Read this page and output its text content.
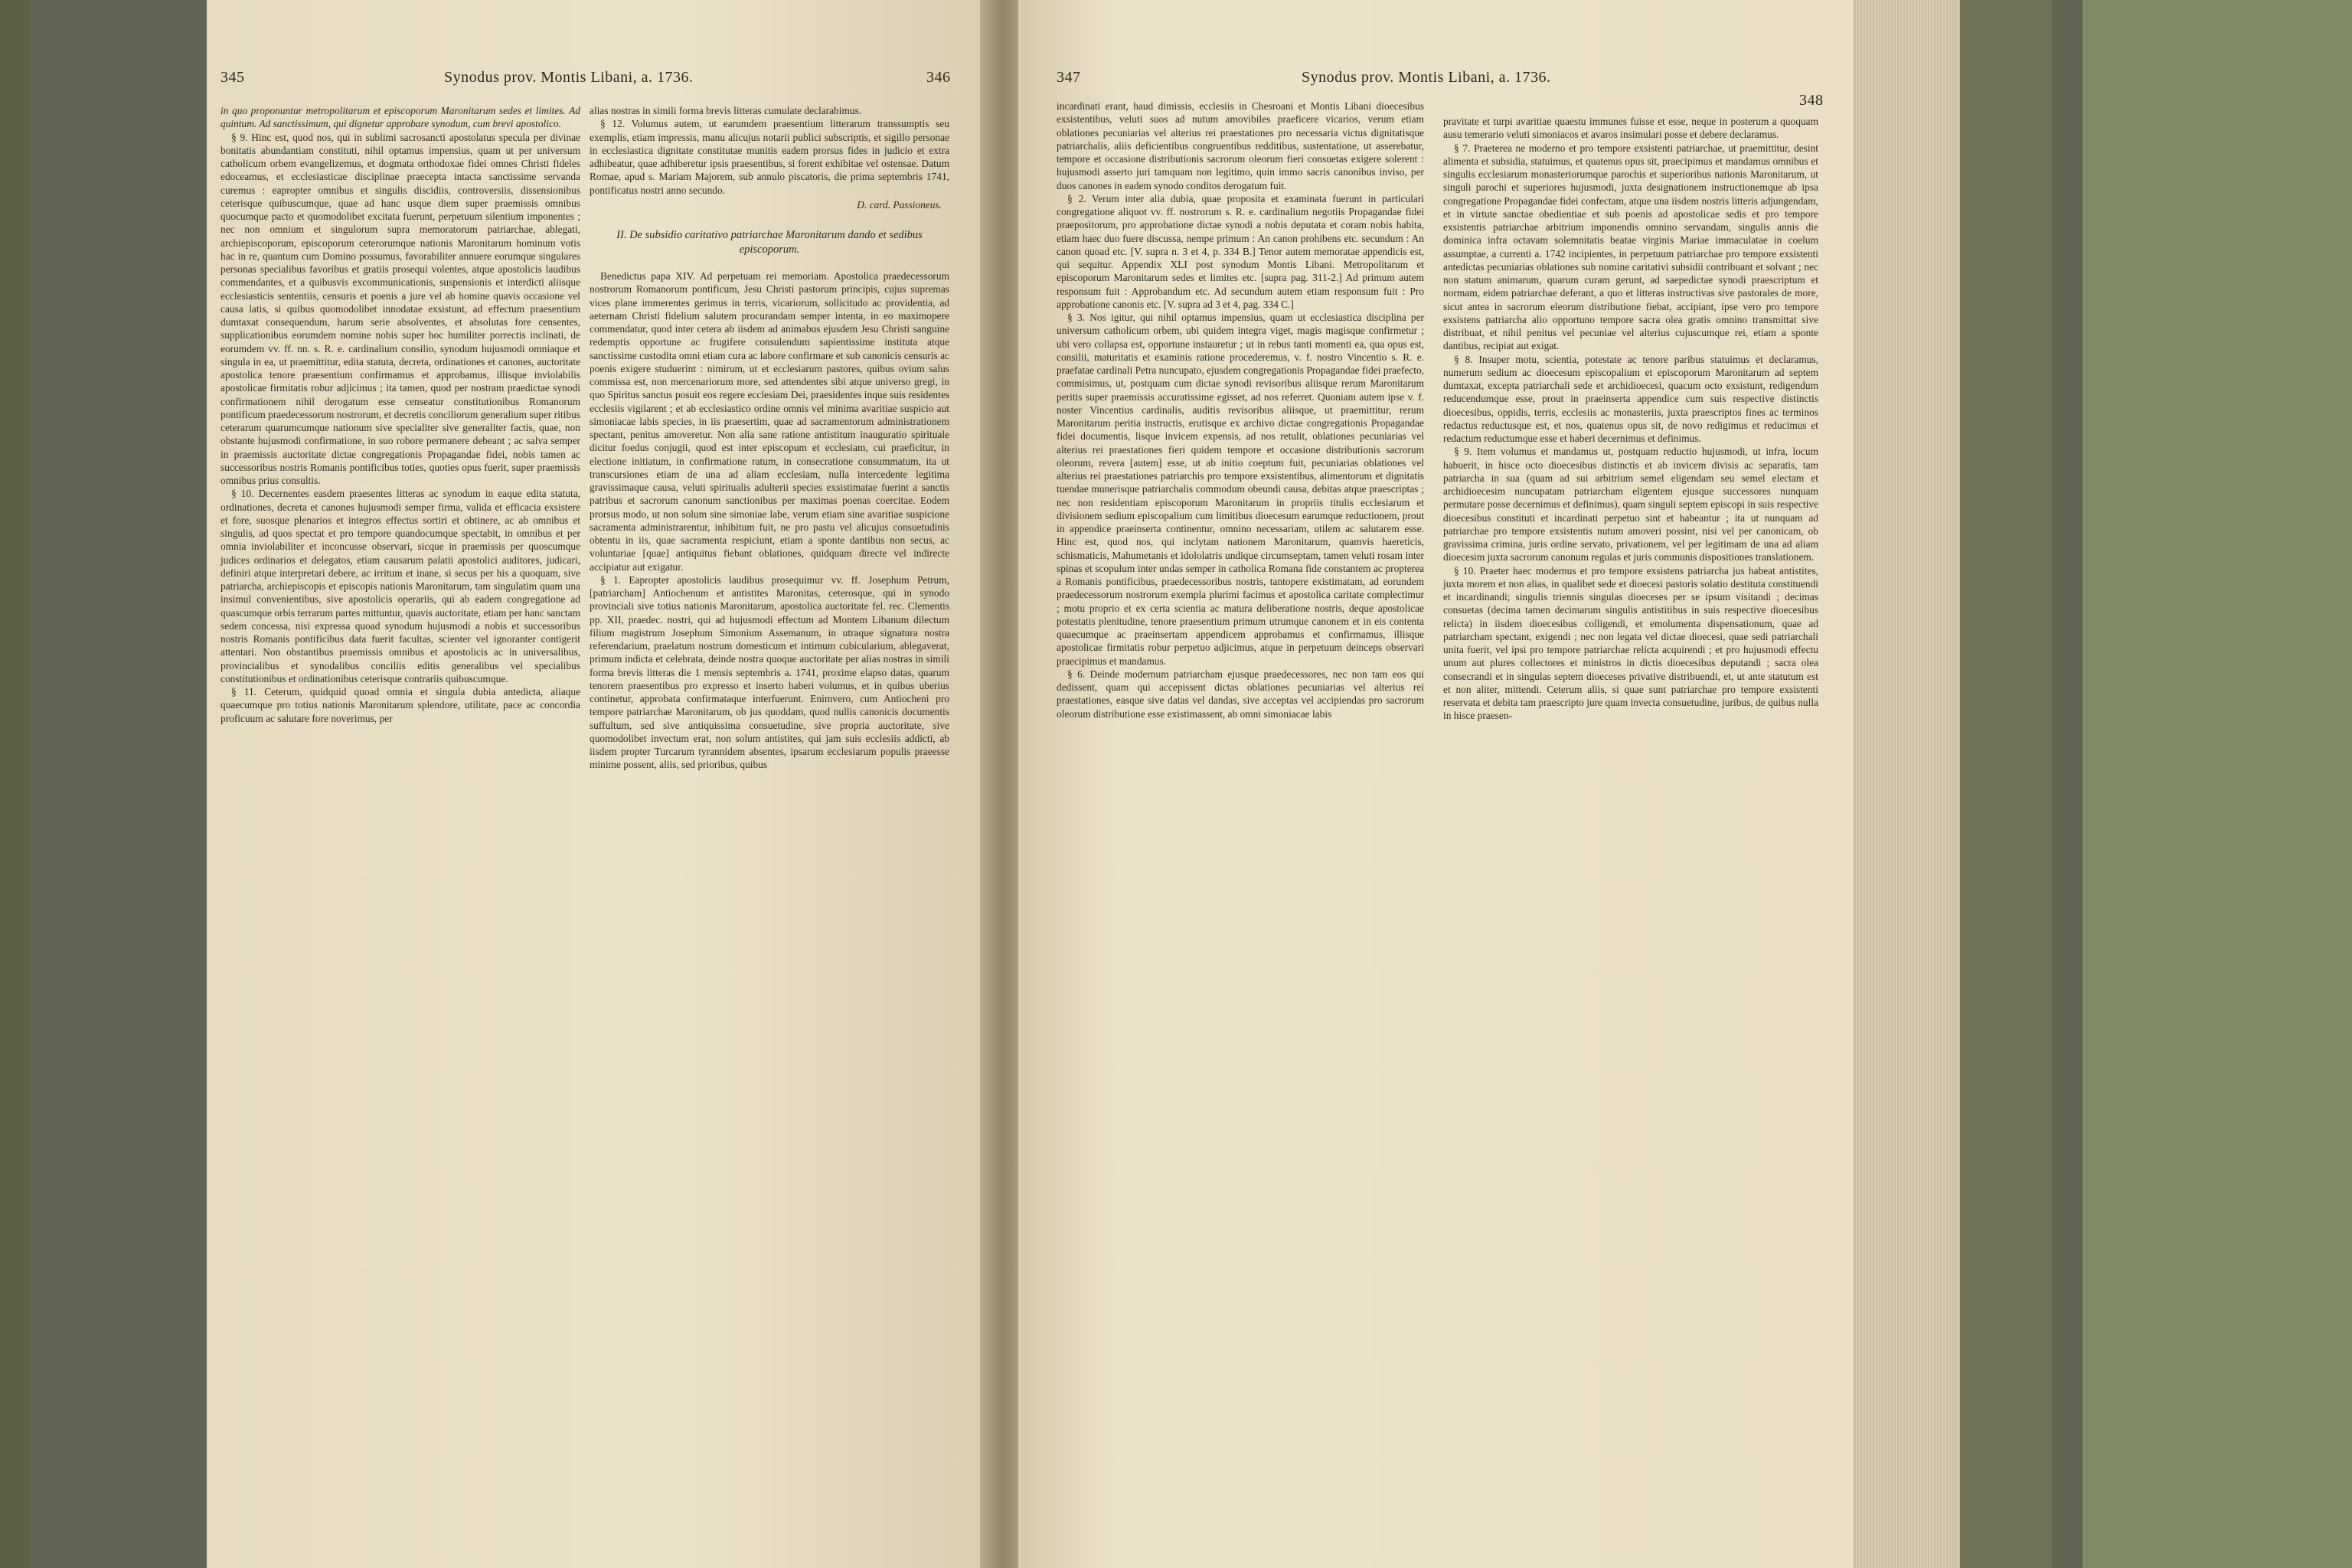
345	Synodus prov. Montis Libani, a. 1736.	346

in quo proponuntur metropolitarum et episcoporum Maronitarum sedes et limites. Ad quintum. Ad sanctissimum, qui dignetur approbare synodum, cum brevi apostolico.

§ 9. Hinc est, quod nos, qui in sublimi sacrosancti apostolatus specula per divinae bonitatis abundantiam constituti, nihil optamus impensius, quam ut per universum catholicum orbem evangelizemus, et dogmata orthodoxae fidei omnes Christi fideles edoceamus, et ecclesiasticae disciplinae praecepta intacta sanctissime servanda curemus : eapropter omnibus et singulis discidiis, controversiis, dissensionibus ceterisque quibuscumque, quae ad hanc usque diem super praemissis omnibus quocumque pacto et quomodolibet excitata fuerunt, perpetuum silentium imponentes ; nec non omnium et singulorum supra memoratorum patriarchae, ablegati, archiepiscoporum, episcoporum ceterorumque nationis Maronitarum hominum votis hac in re, quantum cum Domino possumus, favorabiliter annuere eorumque singulares personas specialibus favoribus et gratiis prosequi volentes, atque apostolicis laudibus commendantes, et a quibusvis excommunicationis, suspensionis et interdicti aliisque ecclesiasticis sententiis, censuris et poenis a jure vel ab homine quavis occasione vel causa latis, si quibus quomodolibet innodatae exsistunt, ad effectum praesentium dumtaxat consequendum, harum serie absolventes, et absolutas fore censentes, supplicationibus eorumdem nomine nobis super hoc humiliter porrectis inclinati, de eorumdem vv. ff. nn. s. R. e. cardinalium consilio, synodum hujusmodi omniaque et singula in ea, ut praemittitur, edita statuta, decreta, ordinationes et canones, auctoritate apostolica tenore praesentium confirmamus et approbamus, illisque inviolabilis apostolicae firmitatis robur adjicimus ; ita tamen, quod per nostram praedictae synodi confirmationem nihil derogatum esse censeatur constitutionibus Romanorum pontificum praedecessorum nostrorum, et decretis conciliorum generalium super ritibus ceterarum quarumcumque nationum sive specialiter sive generaliter factis, quae, non obstante hujusmodi confirmatione, in suo robore permanere debeant ; ac salva semper in praemissis auctoritate dictae congregationis Propagandae fidei, nobis tamen ac successoribus nostris Romanis pontificibus toties, quoties opus fuerit, super praemissis omnibus prius consultis.

§ 10. Decernentes easdem praesentes litteras ac synodum in eaque edita statuta, ordinationes, decreta et canones hujusmodi semper firma, valida et efficacia exsistere et fore, suosque plenarios et integros effectus sortiri et obtinere, ac ab omnibus et singulis, ad quos spectat et pro tempore quandocumque spectabit, in omnibus et per omnia inviolabiliter et inconcusse observari, sicque in praemissis per quoscumque judices ordinarios et delegatos, etiam causarum palatii apostolici auditores, judicari, definiri atque interpretari debere, ac irritum et inane, si secus per his a quoquam, sive patriarcha, archiepiscopis et episcopis nationis Maronitarum, tam singulatim quam una insimul convenientibus, sive apostolicis operariis, qui ab eadem congregatione ad quascumque orbis terrarum partes mittuntur, quavis auctoritate, etiam per hanc sanctam sedem concessa, nisi expressa quoad synodum hujusmodi a nobis et successoribus nostris Romanis pontificibus data fuerit facultas, scienter vel ignoranter contigerit attentari. Non obstantibus praemissis omnibus et apostolicis ac in universalibus, provincialibus et synodalibus conciliis editis generalibus vel specialibus constitutionibus et ordinationibus ceterisque contrariis quibuscumque.

§ 11. Ceterum, quidquid quoad omnia et singula dubia antedicta, aliaque quaecumque pro totius nationis Maronitarum splendore, utilitate, pace ac concordia proficuum ac salutare fore noverimus, per

alias nostras in simili forma brevis litteras cumulate declarabimus.

§ 12. Volumus autem, ut earumdem praesentium litterarum transsumptis seu exemplis, etiam impressis, manu alicujus notarii publici subscriptis, et sigillo personae in ecclesiastica dignitate constitutae munitis eadem prorsus fides in judicio et extra adhibeatur, quae adhiberetur ipsis praesentibus, si forent exhibitae vel ostensae. Datum Romae, apud s. Mariam Majorem, sub annulo piscatoris, die prima septembris 1741, pontificatus nostri anno secundo.

D. card. Passioneus.

II. De subsidio caritativo patriarchae Maronitarum dando et sedibus episcoporum.

Benedictus papa XIV. Ad perpetuam rei memoriam. Apostolica praedecessorum nostrorum Romanorum pontificum, Jesu Christi pastorum principis, cujus supremas vices plane immerentes gerimus in terris, vicariorum, sollicitudo ac providentia, ad aeternam Christi fidelium salutem procurandam semper intenta, in eo maximopere commendatur, quod inter cetera ab iisdem ad animabus ejusdem Jesu Christi sanguine redemptis opportune ac frugifere consulendum sapientissime instituta atque sanctissime custodita omni etiam cura ac labore confirmare et sub canonicis censuris ac poenis exigere studuerint : nimirum, ut et ecclesiarum pastores, quibus ovium salus commissa est, non mercenariorum more, sed attendentes sibi atque universo gregi, in quo Spiritus sanctus posuit eos regere ecclesiam Dei, praesidentes inque suis residentes ecclesiis vigilarent ; et ab ecclesiastico ordine omnis vel minima avaritiae suspicio aut simoniacae labis species, in iis praesertim, quae ad sacramentorum administrationem spectant, penitus amoveretur. Non alia sane ratione antistitum inauguratio spirituale dicitur foedus conjugii, quod est inter episcopum et ecclesiam, cui praeficitur, in electione initiatum, in confirmatione ratum, in consecratione consummatum, ita ut transcursiones etiam de una ad aliam ecclesiam, nulla intercedente legitima gravissimaque causa, veluti spiritualis adulterii species exsistimatae fuerint a sanctis patribus et sacrorum canonum sanctionibus per maximas poenas coercitae. Eodem prorsus modo, ut non solum sine simoniae labe, verum etiam sine avaritiae suspicione sacramenta administrarentur, inhibitum fuit, ne pro pastu vel alicujus consuetudinis obtentu in iis, quae sacramenta respiciunt, etiam a sponte dantibus non secus, ac voluntariae [quae] antiquitus fiebant oblationes, quidquam directe vel indirecte accipiatur aut exigatur.

§ 1. Eapropter apostolicis laudibus prosequimur vv. ff. Josephum Petrum, [patriarcham] Antiochenum et antistites Maronitas, ceterosque, qui in synodo provinciali sive totius nationis Maronitarum, apostolica auctoritate fel. rec. Clementis pp. XII, praedec. nostri, qui ad hujusmodi effectum ad Montem Libanum dilectum filium magistrum Josephum Simonium Assemanum, in utraque signatura nostra referendarium, praelatum nostrum domesticum et intimum cubicularium, ablegaverat, primum indicta et celebrata, deinde nostra quoque auctoritate per alias nostras in simili forma brevis litteras die 1 mensis septembris a. 1741, proxime elapso datas, quarum tenorem praesentibus pro expresso et inserto haberi volumus, et in quibus uberius continetur, approbata confirmataque interfuerunt. Enimvero, cum Antiocheni pro tempore patriarchae Maronitarum, ob jus quoddam, quod nullis canonicis documentis suffultum, sed sive antiquissima consuetudine, sive propria auctoritate, sive quomodolibet invectum erat, non solum antistites, qui jam suis ecclesiis addicti, ab iisdem propter Turcarum tyrannidem absentes, ipsarum ecclesiarum populis praeesse minime possent, aliis, sed prioribus, quibus

347	Synodus prov. Montis Libani, a. 1736.
348

incardinati erant, haud dimissis, ecclesiis in Chesroani et Montis Libani dioecesibus exsistentibus, veluti suos ad nutum amovibiles praeficere vicarios, verum etiam oblationes pecuniarias vel alterius rei praestationes pro necessaria victus dignitatisque patriarchalis, aliis deficientibus congruentibus redditibus, sustentatione, ut asserebatur, tempore et occasione distributionis sacrorum oleorum fieri consuetas exigere solerent : hujusmodi asserto juri tamquam non legitimo, quin immo sacris canonibus inviso, per duos canones in eadem synodo conditos derogatum fuit.

§ 2. Verum inter alia dubia, quae proposita et examinata fuerunt in particulari congregatione aliquot vv. ff. nostrorum s. R. e. cardinalium negotiis Propagandae fidei praepositorum, pro approbatione dictae synodi a nobis deputata et coram nobis habita, etiam haec duo fuere discussa, nempe primum : An canon prohibens etc. secundum : An canon quoad etc. [V. supra n. 3 et 4, p. 334 B.] Tenor autem memoratae appendicis est, qui sequitur. Appendix XLI post synodum Montis Libani. Metropolitarum et episcoporum Maronitarum sedes et limites etc. [supra pag. 311-2.] Ad primum autem responsum fuit : Approbandum etc. Ad secundum autem etiam responsum fuit : Pro approbatione canonis etc. [V. supra ad 3 et 4, pag. 334 C.]

§ 3. Nos igitur, qui nihil optamus impensius, quam ut ecclesiastica disciplina per universum catholicum orbem, ubi quidem integra viget, magis magisque confirmetur ; ubi vero collapsa est, opportune instauretur ; ut in rebus tanti momenti ea, qua opus est, consilii, maturitatis et examinis ratione procederemus, v. f. nostro Vincentio s. R. e. praefatae cardinali Petra nuncupato, ejusdem congregationis Propagandae fidei praefecto, commisimus, ut, postquam cum dictae synodi revisoribus aliisque rerum Maronitarum peritis super praemissis accuratissime egisset, ad nos referret. Quoniam autem ipse v. f. noster Vincentius cardinalis, auditis revisoribus aliisque, ut praemittitur, rerum Maronitarum peritia instructis, erutisque ex archivo dictae congregationis Propagandae fidei documentis, lisque invicem expensis, ad nos retulit, oblationes pecuniarias vel alterius rei praestationes fieri quidem tempore et occasione distributionis sacrorum oleorum, revera [autem] esse, ut ab initio coeptum fuit, pecuniarias oblationes vel alterius rei praestationes patriarchis pro tempore exsistentibus, alimentorum et dignitatis tuendae munerisque patriarchalis commodum obeundi causa, debitas atque praescriptas ; nec non residentiam episcoporum Maronitarum in propriis titulis ecclesiarum et divisionem sedium episcopalium cum limitibus dioecesum earumque reductionem, prout in appendice praeinserta continentur, omnino necessariam, utilem ac salutarem esse. Hinc est, quod nos, qui inclytam nationem Maronitarum, quamvis haereticis, schismaticis, Mahumetanis et idololatris undique circumseptam, tamen veluti rosam inter spinas et scopulum inter undas semper in catholica Romana fide constantem ac propterea a Romanis pontificibus, praedecessoribus nostris, tantopere existimatam, ad eorundem praedecessorum nostrorum exempla plurimi facimus et apostolica caritate complectimur ; motu proprio et ex certa scientia ac matura deliberatione nostris, deque apostolicae potestatis plenitudine, tenore praesentium primum utrumque canonem et in eis contenta quaecumque ac praeinsertam appendicem approbamus et confirmamus, illisque apostolicae firmitatis robur perpetuo adjicimus, atque in perpetuum deinceps observari praecipimus et mandamus.

§ 6. Deinde modernum patriarcham ejusque praedecessores, nec non tam eos qui dedissent, quam qui accepissent dictas oblationes pecuniarias vel alterius rei praestationes, easque sive datas vel dandas, sive acceptas vel accipiendas pro sacrorum oleorum distributione esse existimassent, ab omni simoniacae labis

pravitate et turpi avaritiae quaestu immunes fuisse et esse, neque in posterum a quoquam ausu temerario veluti simoniacos et avaros insimulari posse et debere declaramus.

§ 7. Praeterea ne moderno et pro tempore exsistenti patriarchae, ut praemittitur, desint alimenta et subsidia, statuimus, et quatenus opus sit, praecipimus et mandamus omnibus et singulis ecclesiarum monasteriorumque parochis et superioribus nationis Maronitarum, ut singuli parochi et superiores hujusmodi, juxta designationem instructionemque ab ipsa congregatione Propagandae fidei confectam, atque una iisdem nostris litteris adjungendam, et in virtute sanctae obedientiae et sub poenis ad apostolicae sedis et pro tempore exsistentis patriarchae arbitrium imponendis omnino servandam, singulis annis die dominica infra octavam solemnitatis beatae virginis Mariae immaculatae in coelum assumptae, a currenti a. 1742 incipientes, in perpetuum patriarchae pro tempore exsistenti antedictas pecuniarias oblationes sub nomine caritativi subsidii contribuant et solvant ; nec non statum animarum, quarum curam gerunt, ad saepedictae synodi praescriptum et normam, eidem patriarchae deferant, a quo et litteras instructivas sive pastorales de more, sicut antea in sacrorum eleorum distributione fiebat, accipiant, ipse vero pro tempore exsistens patriarcha alio opportuno tempore sacra olea gratis omnino transmittat sive distribuat, et nihil penitus vel pecuniae vel alterius cujuscumque rei, etiam a sponte dantibus, recipiat aut exigat.

§ 8. Insuper motu, scientia, potestate ac tenore paribus statuimus et declaramus, numerum sedium ac dioecesum episcopalium et episcoporum Maronitarum ad septem dumtaxat, excepta patriarchali sede et archidioecesi, quacum octo exsistunt, redigendum reducendumque esse, prout in praeinserta appendice cum suis respective distinctis dioecesibus, oppidis, terris, ecclesiis ac monasteriis, juxta praescriptos fines ac terminos redactus reductusque est, et nos, quatenus opus sit, de novo redigimus et reducimus et redactum reductumque esse et haberi decernimus et definimus.

§ 9. Item volumus et mandamus ut, postquam reductio hujusmodi, ut infra, locum habuerit, in hisce octo dioecesibus distinctis et ab invicem divisis ac separatis, tam patriarcha in sua (quam ad sui arbitrium semel eligendam seu semel electam et archidioecesim nuncupatam patriarcham eligentem ejusque successores nunquam permutare posse decernimus et definimus), quam singuli septem episcopi in suis respective dioecesibus constituti et incardinati perpetuo sint et habeantur ; ita ut nunquam ad patriarchae pro tempore exsistentis nutum amoveri possint, nisi vel per canonicam, ob gravissima crimina, juris ordine servato, privationem, vel per legitimam de una ad aliam dioecesim juxta sacrorum canonum regulas et juris communis dispositiones translationem.

§ 10. Praeter haec modernus et pro tempore exsistens patriarcha jus habeat antistites, juxta morem et non alias, in qualibet sede et dioecesi pastoris solatio destituta constituendi et incardinandi; singulis triennis singulas dioeceses per se ipsum visitandi ; decimas consuetas (decima tamen decimarum singulis antistitibus in suis respective dioecesibus relicta) in iisdem dioecesibus colligendi, et emolumenta dispensationum, quae ad patriarcham spectant, exigendi ; nec non legata vel dictae dioecesi, quae sedi patriarchali unita fuerit, vel ipsi pro tempore patriarchae relicta acquirendi ; et pro hujusmodi effectu unum aut plures collectores et ministros in dictis dioecesibus deputandi ; sacra olea consecrandi et in singulas septem dioeceses privative distribuendi, et, ut ante statutum est et non aliter, mittendi. Ceterum aliis, si quae sunt patriarchae pro tempore exsistenti reservata et debita tam praescripto jure quam invecta consuetudine, juribus, de quibus nulla in hisce praesen-
